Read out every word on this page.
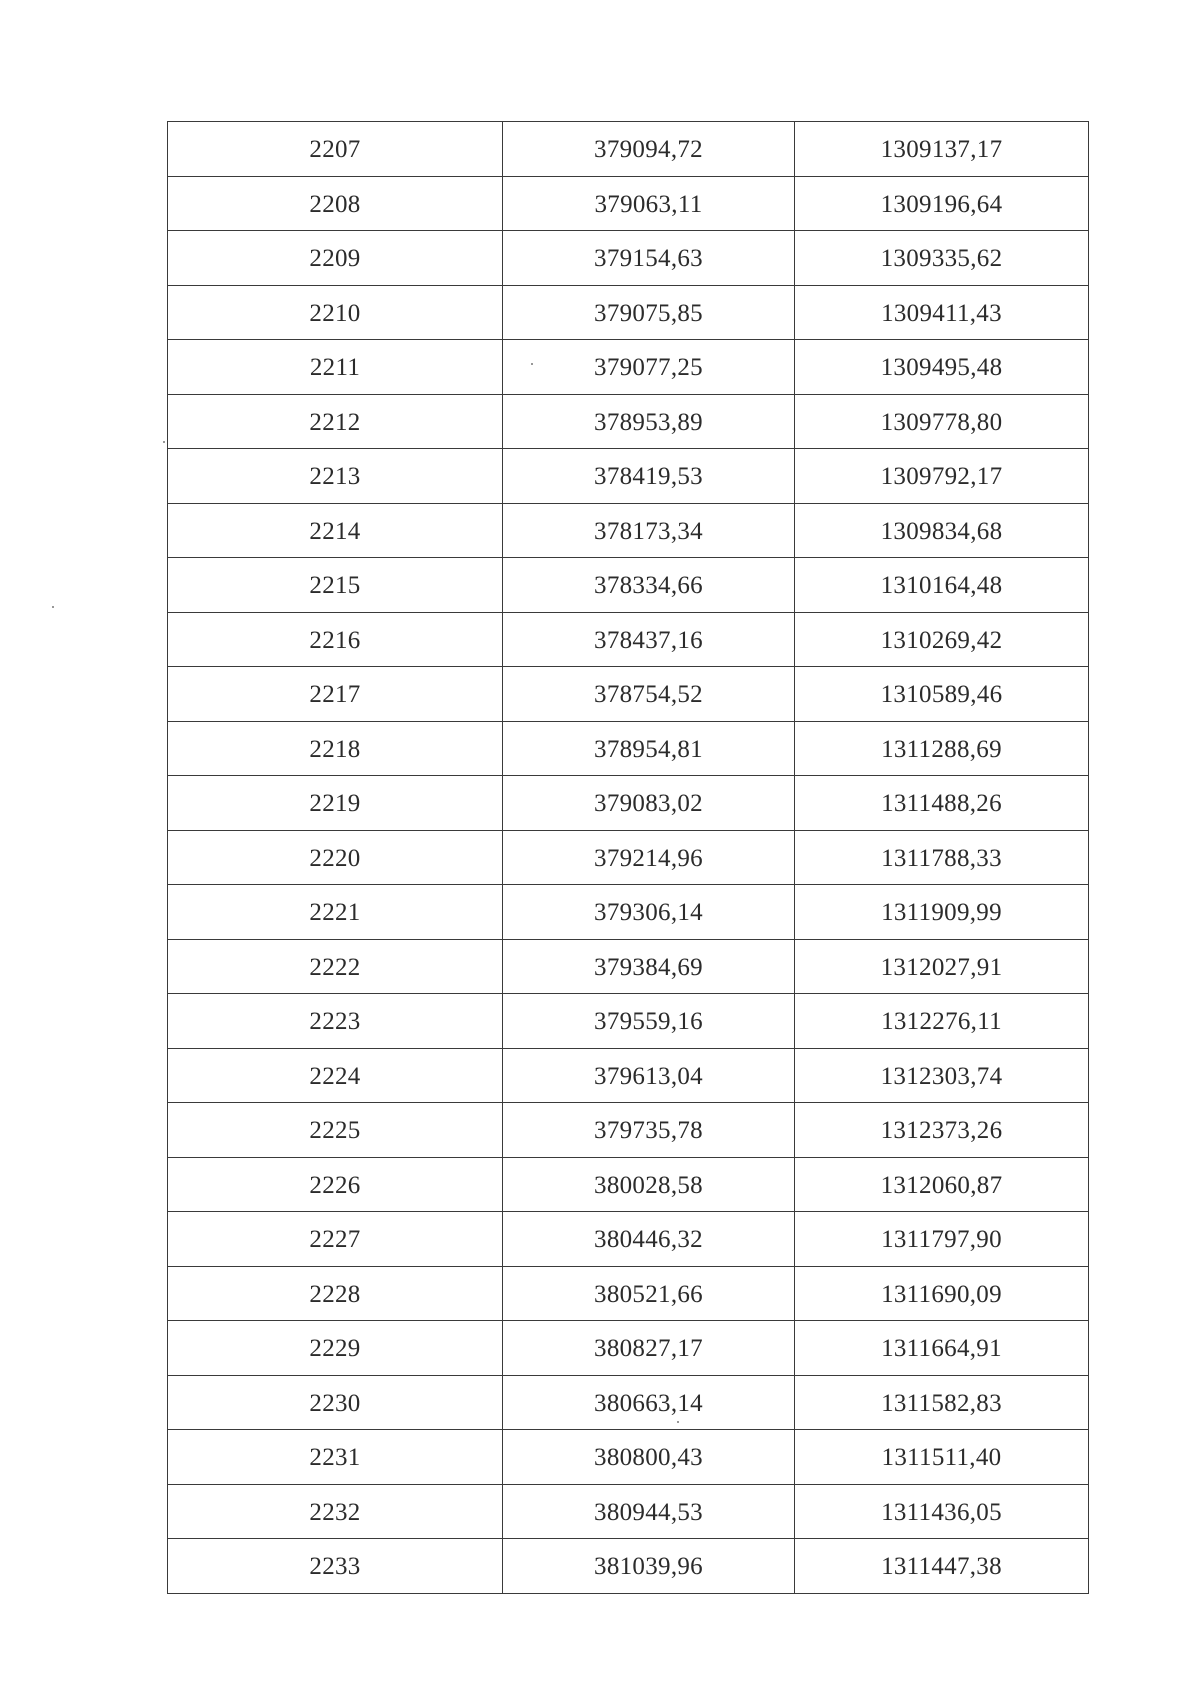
2207	379094,72	1309137,17
2208	379063,11	1309196,64
2209	379154,63	1309335,62
2210	379075,85	1309411,43
2211	379077,25	1309495,48
2212	378953,89	1309778,80
2213	378419,53	1309792,17
2214	378173,34	1309834,68
2215	378334,66	1310164,48
2216	378437,16	1310269,42
2217	378754,52	1310589,46
2218	378954,81	1311288,69
2219	379083,02	1311488,26
2220	379214,96	1311788,33
2221	379306,14	1311909,99
2222	379384,69	1312027,91
2223	379559,16	1312276,11
2224	379613,04	1312303,74
2225	379735,78	1312373,26
2226	380028,58	1312060,87
2227	380446,32	1311797,90
2228	380521,66	1311690,09
2229	380827,17	1311664,91
2230	380663,14	1311582,83
2231	380800,43	1311511,40
2232	380944,53	1311436,05
2233	381039,96	1311447,38
